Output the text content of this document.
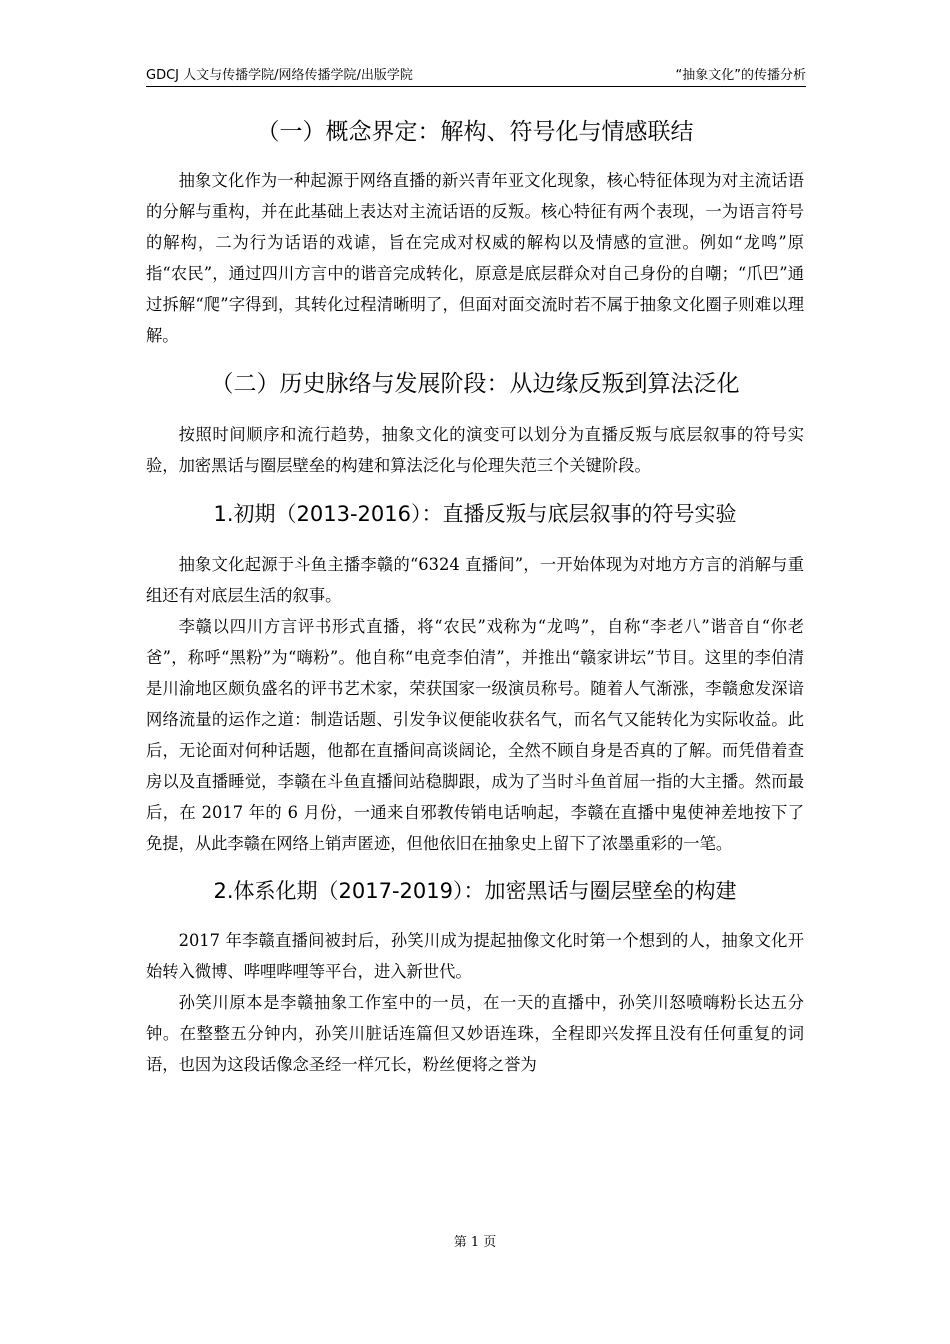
GDCJ 人文与传播学院/网络传播学院/出版学院	“抽象文化”的传播分析
（一）概念界定：解构、符号化与情感联结

抽象文化作为一种起源于网络直播的新兴青年亚文化现象，核心特征体现为对主流话语的分解与重构，并在此基础上表达对主流话语的反叛。核心特征有两个表现，一为语言符号的解构，二为行为话语的戏谑，旨在完成对权威的解构以及情感的宣泄。例如“龙鸣”原指“农民”，通过四川方言中的谐音完成转化，原意是底层群众对自己身份的自嘲；“爪巴”通过拆解“爬”字得到，其转化过程清晰明了，但面对面交流时若不属于抽象文化圈子则难以理解。

（二）历史脉络与发展阶段：从边缘反叛到算法泛化

按照时间顺序和流行趋势，抽象文化的演变可以划分为直播反叛与底层叙事的符号实验，加密黑话与圈层壁垒的构建和算法泛化与伦理失范三个关键阶段。

1.初期（2013-2016）：直播反叛与底层叙事的符号实验

抽象文化起源于斗鱼主播李赣的“6324 直播间”，一开始体现为对地方方言的消解与重组还有对底层生活的叙事。

李赣以四川方言评书形式直播，将“农民”戏称为“龙鸣”，自称“李老八”谐音自“你老爸”，称呼“黑粉”为“嗨粉”。他自称“电竞李伯清”，并推出“赣家讲坛”节目。这里的李伯清是川渝地区颇负盛名的评书艺术家，荣获国家一级演员称号。随着人气渐涨，李赣愈发深谙网络流量的运作之道：制造话题、引发争议便能收获名气，而名气又能转化为实际收益。此后，无论面对何种话题，他都在直播间高谈阔论，全然不顾自身是否真的了解。而凭借着查房以及直播睡觉，李赣在斗鱼直播间站稳脚跟，成为了当时斗鱼首屈一指的大主播。然而最后，在 2017 年的 6 月份，一通来自邪教传销电话响起，李赣在直播中鬼使神差地按下了免提，从此李赣在网络上销声匿迹，但他依旧在抽象史上留下了浓墨重彩的一笔。

2.体系化期（2017-2019）：加密黑话与圈层壁垒的构建

2017 年李赣直播间被封后，孙笑川成为提起抽像文化时第一个想到的人，抽象文化开始转入微博、哔哩哔哩等平台，进入新世代。

孙笑川原本是李赣抽象工作室中的一员，在一天的直播中，孙笑川怒喷嗨粉长达五分钟。在整整五分钟内，孙笑川脏话连篇但又妙语连珠，全程即兴发挥且没有任何重复的词语，也因为这段话像念圣经一样冗长，粉丝便将之誉为

第 1 页
